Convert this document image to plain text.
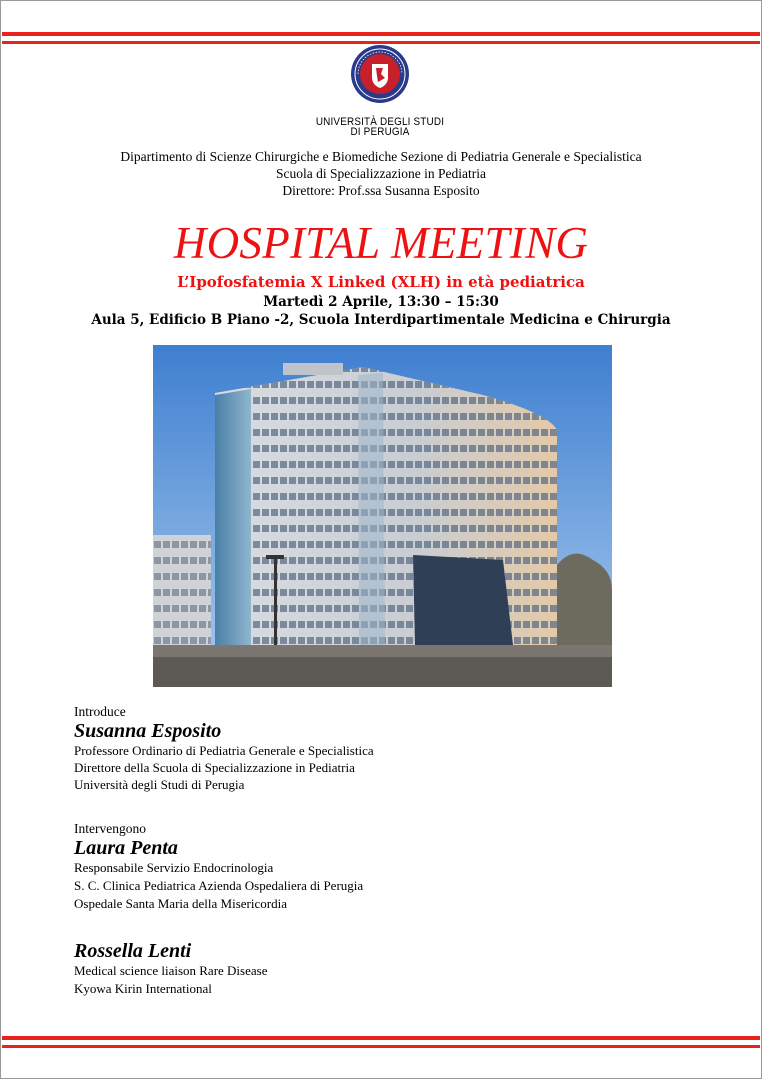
UNIVERSITÀ DEGLI STUDI
DI PERUGIA
Dipartimento di Scienze Chirurgiche e Biomediche Sezione di Pediatria Generale e Specialistica
Scuola di Specializzazione in Pediatria
Direttore: Prof.ssa Susanna Esposito
HOSPITAL MEETING
L’Ipofosfatemia X Linked (XLH) in età pediatrica
Martedì 2 Aprile, 13:30 – 15:30
Aula 5, Edificio B Piano -2, Scuola Interdipartimentale Medicina e Chirurgia
Introduce
Susanna Esposito
Professore Ordinario di Pediatria Generale e Specialistica
Direttore della Scuola di Specializzazione in Pediatria
Università degli Studi di Perugia
Intervengono
Laura Penta
Responsabile Servizio Endocrinologia
S. C. Clinica Pediatrica Azienda Ospedaliera di Perugia
Ospedale Santa Maria della Misericordia
Rossella Lenti
Medical science liaison Rare Disease
Kyowa Kirin International
